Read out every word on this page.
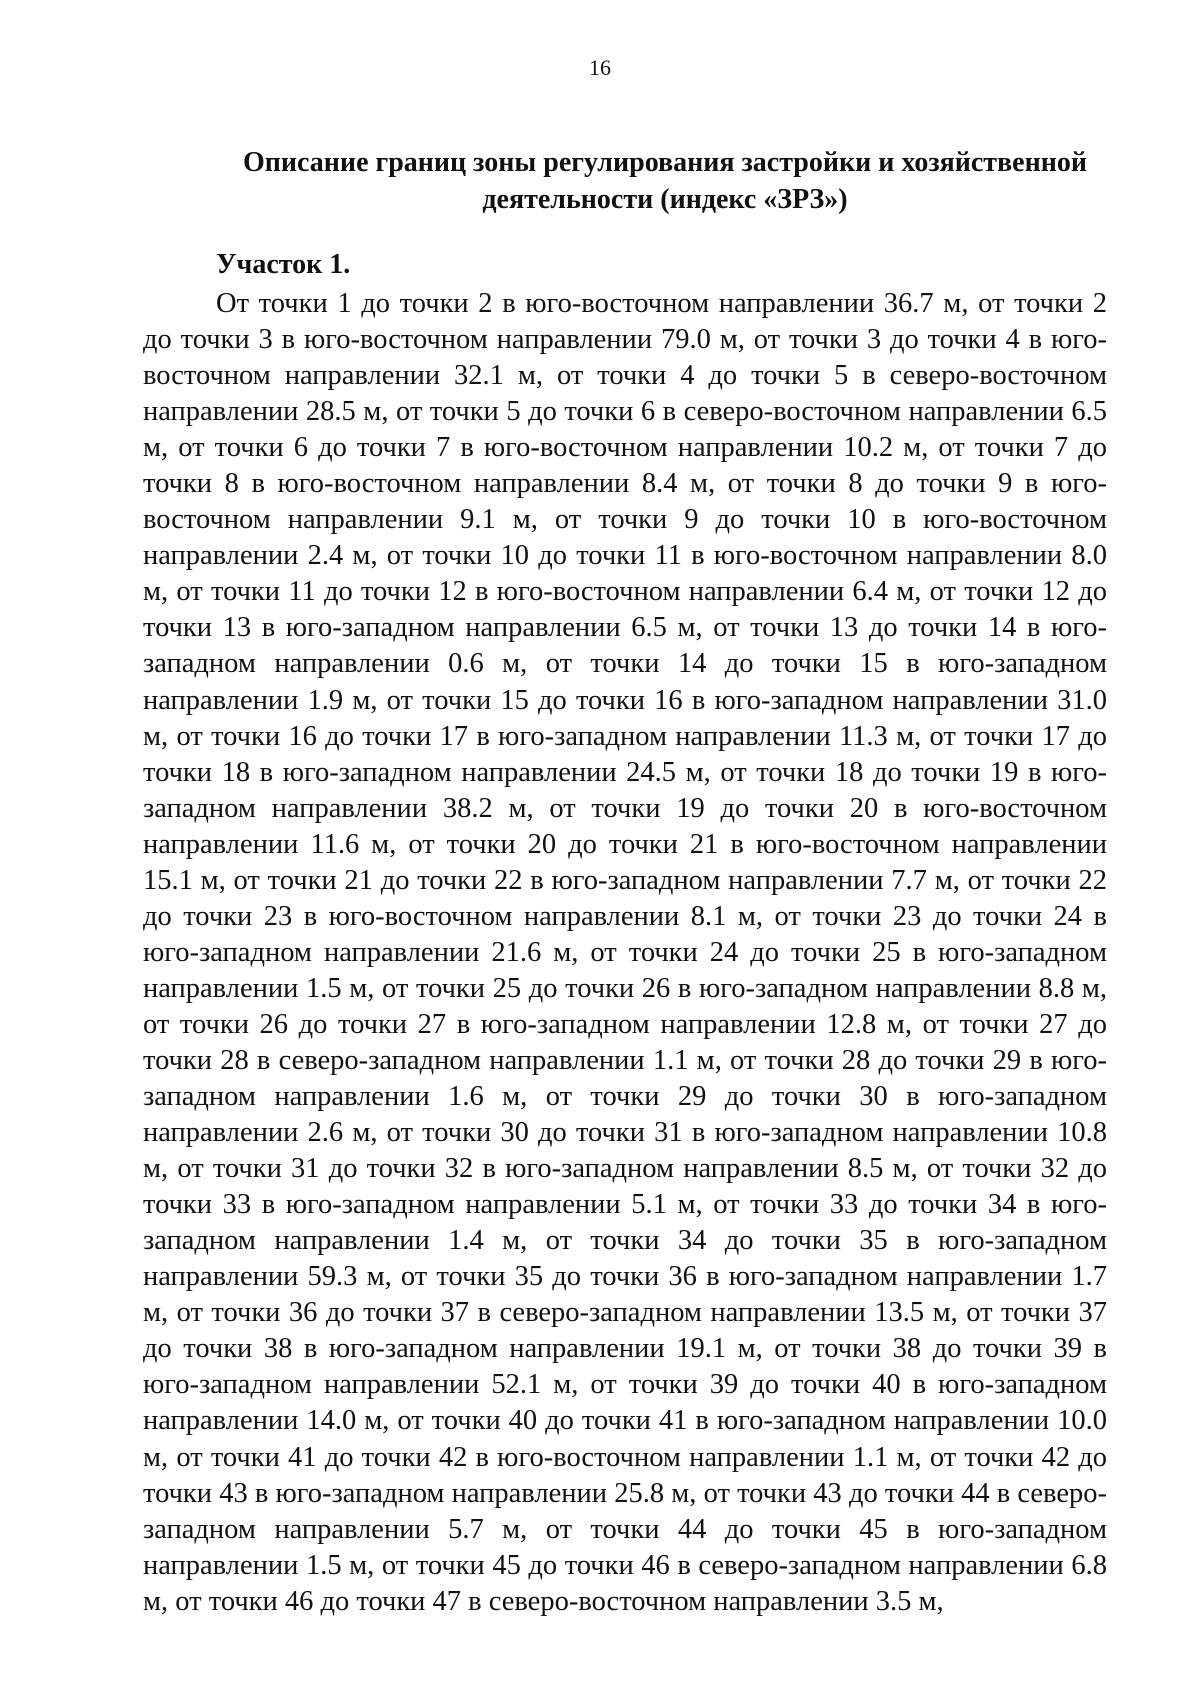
16
Описание границ зоны регулирования застройки и хозяйственной деятельности (индекс «ЗРЗ»)
Участок 1.

От точки 1 до точки 2 в юго-восточном направлении 36.7 м, от точки 2 до точки 3 в юго-восточном направлении 79.0 м, от точки 3 до точки 4 в юго-восточном направлении 32.1 м, от точки 4 до точки 5 в северо-восточном направлении 28.5 м, от точки 5 до точки 6 в северо-восточном направлении 6.5 м, от точки 6 до точки 7 в юго-восточном направлении 10.2 м, от точки 7 до точки 8 в юго-восточном направлении 8.4 м, от точки 8 до точки 9 в юго-восточном направлении 9.1 м, от точки 9 до точки 10 в юго-восточном направлении 2.4 м, от точки 10 до точки 11 в юго-восточном направлении 8.0 м, от точки 11 до точки 12 в юго-восточном направлении 6.4 м, от точки 12 до точки 13 в юго-западном направлении 6.5 м, от точки 13 до точки 14 в юго-западном направлении 0.6 м, от точки 14 до точки 15 в юго-западном направлении 1.9 м, от точки 15 до точки 16 в юго-западном направлении 31.0 м, от точки 16 до точки 17 в юго-западном направлении 11.3 м, от точки 17 до точки 18 в юго-западном направлении 24.5 м, от точки 18 до точки 19 в юго-западном направлении 38.2 м, от точки 19 до точки 20 в юго-восточном направлении 11.6 м, от точки 20 до точки 21 в юго-восточном направлении 15.1 м, от точки 21 до точки 22 в юго-западном направлении 7.7 м, от точки 22 до точки 23 в юго-восточном направлении 8.1 м, от точки 23 до точки 24 в юго-западном направлении 21.6 м, от точки 24 до точки 25 в юго-западном направлении 1.5 м, от точки 25 до точки 26 в юго-западном направлении 8.8 м, от точки 26 до точки 27 в юго-западном направлении 12.8 м, от точки 27 до точки 28 в северо-западном направлении 1.1 м, от точки 28 до точки 29 в юго-западном направлении 1.6 м, от точки 29 до точки 30 в юго-западном направлении 2.6 м, от точки 30 до точки 31 в юго-западном направлении 10.8 м, от точки 31 до точки 32 в юго-западном направлении 8.5 м, от точки 32 до точки 33 в юго-западном направлении 5.1 м, от точки 33 до точки 34 в юго-западном направлении 1.4 м, от точки 34 до точки 35 в юго-западном направлении 59.3 м, от точки 35 до точки 36 в юго-западном направлении 1.7 м, от точки 36 до точки 37 в северо-западном направлении 13.5 м, от точки 37 до точки 38 в юго-западном направлении 19.1 м, от точки 38 до точки 39 в юго-западном направлении 52.1 м, от точки 39 до точки 40 в юго-западном направлении 14.0 м, от точки 40 до точки 41 в юго-западном направлении 10.0 м, от точки 41 до точки 42 в юго-восточном направлении 1.1 м, от точки 42 до точки 43 в юго-западном направлении 25.8 м, от точки 43 до точки 44 в северо-западном направлении 5.7 м, от точки 44 до точки 45 в юго-западном направлении 1.5 м, от точки 45 до точки 46 в северо-западном направлении 6.8 м, от точки 46 до точки 47 в северо-восточном направлении 3.5 м,
